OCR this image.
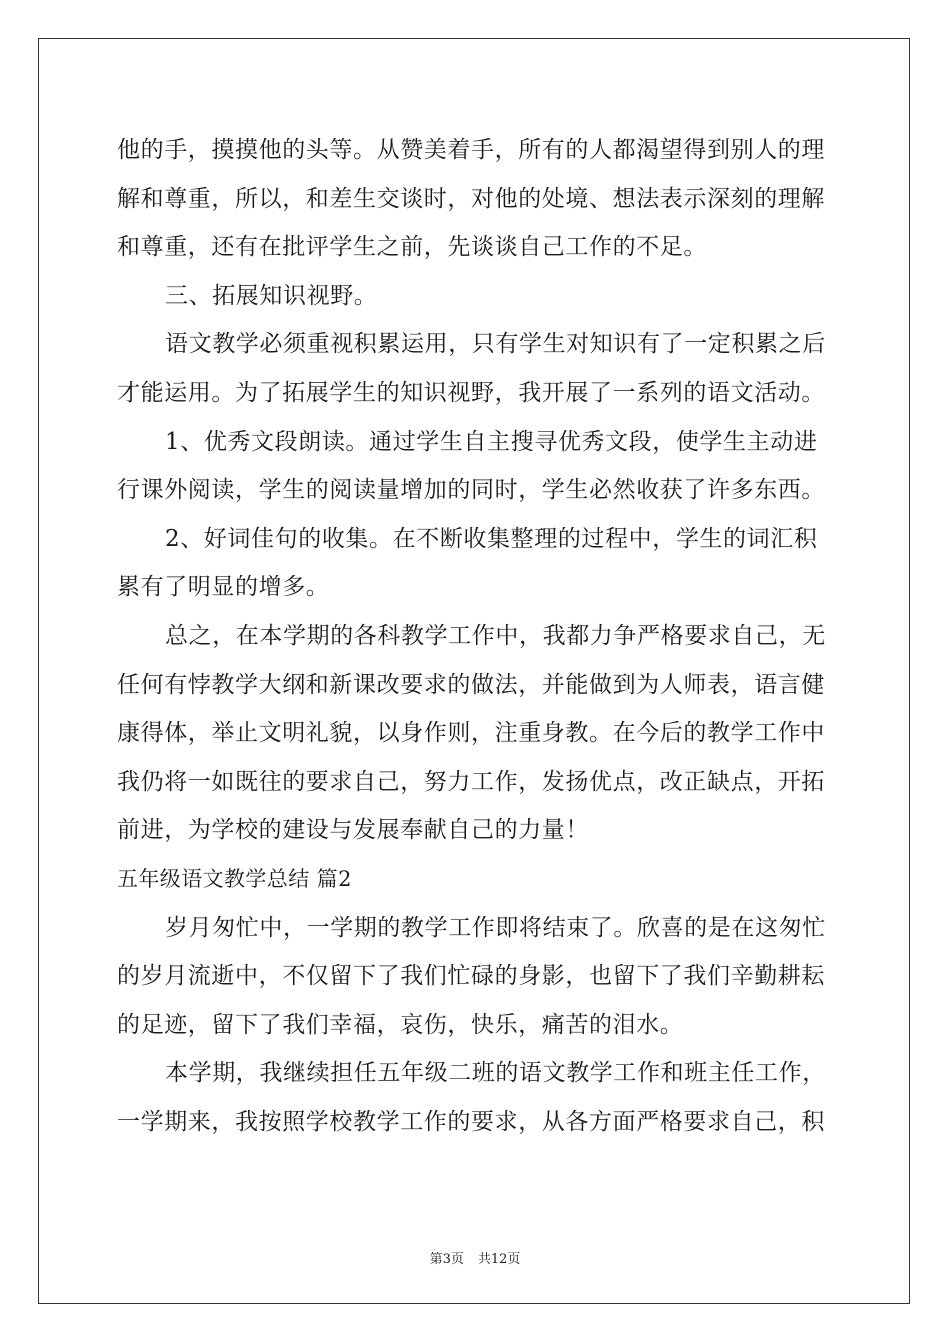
他的手，摸摸他的头等。从赞美着手，所有的人都渴望得到别人的理
解和尊重，所以，和差生交谈时，对他的处境、想法表示深刻的理解
和尊重，还有在批评学生之前，先谈谈自己工作的不足。
三、拓展知识视野。
语文教学必须重视积累运用，只有学生对知识有了一定积累之后
才能运用。为了拓展学生的知识视野，我开展了一系列的语文活动。
1、优秀文段朗读。通过学生自主搜寻优秀文段，使学生主动进
行课外阅读，学生的阅读量增加的同时，学生必然收获了许多东西。
2、好词佳句的收集。在不断收集整理的过程中，学生的词汇积
累有了明显的增多。
总之，在本学期的各科教学工作中，我都力争严格要求自己，无
任何有悖教学大纲和新课改要求的做法，并能做到为人师表，语言健
康得体，举止文明礼貌，以身作则，注重身教。在今后的教学工作中
我仍将一如既往的要求自己，努力工作，发扬优点，改正缺点，开拓
前进，为学校的建设与发展奉献自己的力量！
五年级语文教学总结 篇2
岁月匆忙中，一学期的教学工作即将结束了。欣喜的是在这匆忙
的岁月流逝中，不仅留下了我们忙碌的身影，也留下了我们辛勤耕耘
的足迹，留下了我们幸福，哀伤，快乐，痛苦的泪水。
本学期，我继续担任五年级二班的语文教学工作和班主任工作，
一学期来，我按照学校教学工作的要求，从各方面严格要求自己，积
第3页 共12页
